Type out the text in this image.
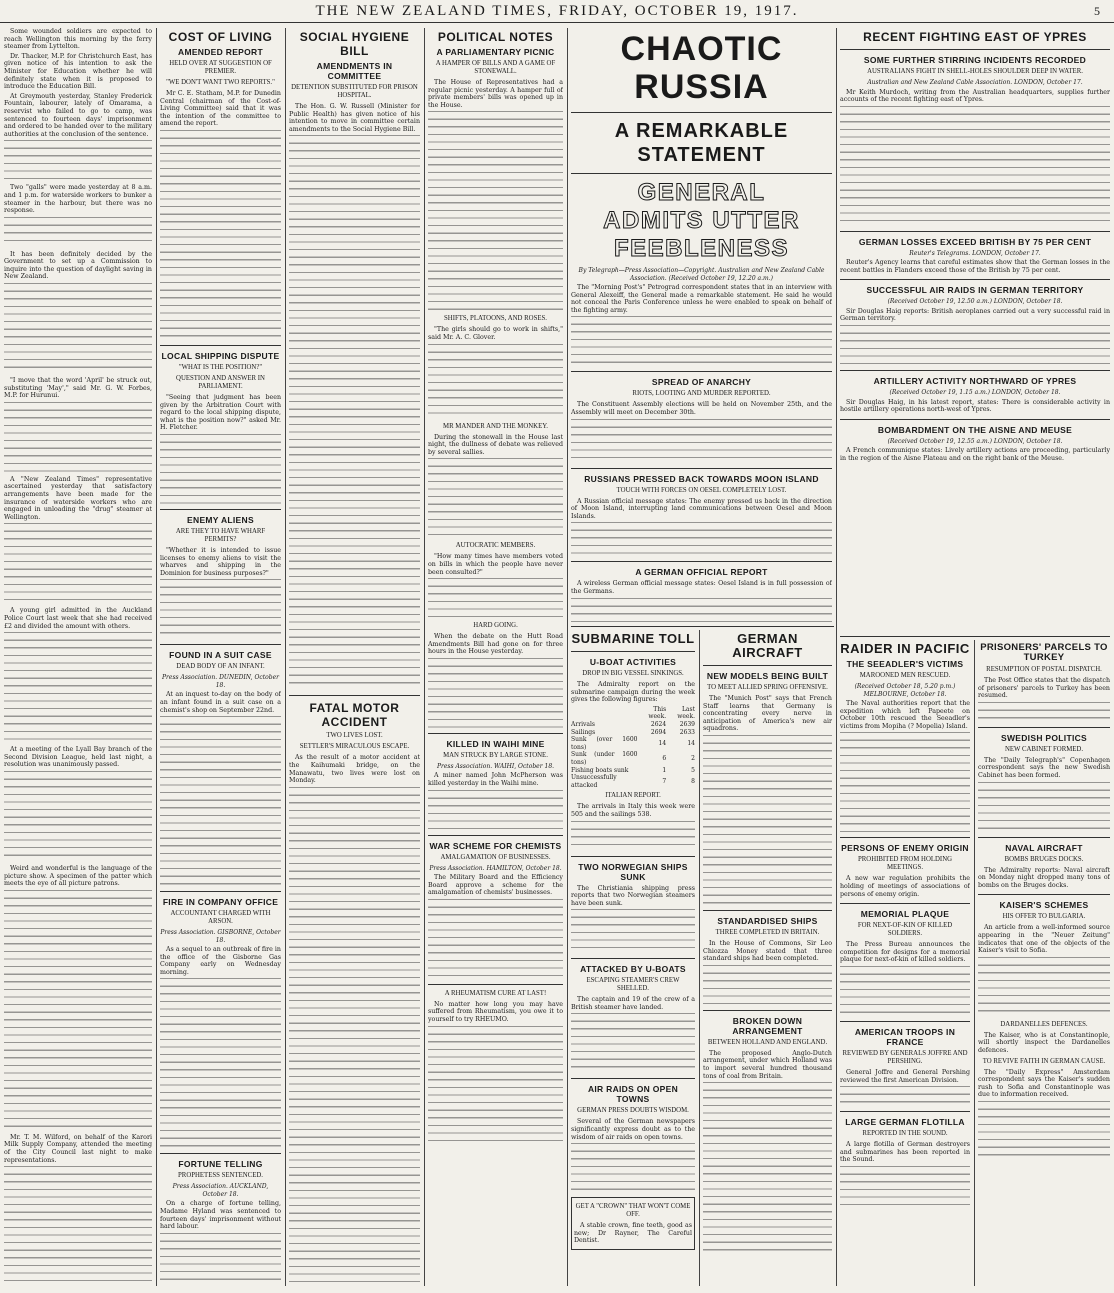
THE NEW ZEALAND TIMES, FRIDAY, OCTOBER 19, 1917.	5

Some wounded soldiers are expected to reach Wellington this morning by the ferry steamer from Lyttelton.

Dr. Thacker, M.P. for Christchurch East, has given notice of his intention to ask the Minister for Education whether he will definitely state when it is proposed to introduce the Education Bill.

At Greymouth yesterday, Stanley Frederick Fountain, labourer, lately of Omarama, a reservist who failed to go to camp, was sentenced to fourteen days' imprisonment and ordered to be handed over to the military authorities at the conclusion of the sentence.

Two "galls" were made yesterday at 8 a.m. and 1 p.m. for waterside workers to bunker a steamer in the harbour, but there was no response.

It has been definitely decided by the Government to set up a Commission to inquire into the question of daylight saving in New Zealand.

"I move that the word 'April' be struck out, substituting 'May'," said Mr. G. W. Forbes, M.P. for Hurunui.

A "New Zealand Times" representative ascertained yesterday that satisfactory arrangements have been made for the insurance of waterside workers who are engaged in unloading the "drug" steamer at Wellington.

A young girl admitted in the Auckland Police Court last week that she had received £2 and divided the amount with others.

At a meeting of the Lyall Bay branch of the Second Division League, held last night, a resolution was unanimously passed.

Weird and wonderful is the language of the picture show. A specimen of the patter which meets the eye of all picture patrons.

Mr. T. M. Wilford, on behalf of the Karori Milk Supply Company, attended the meeting of the City Council last night to make representations.

COST OF LIVING
AMENDED REPORT
HELD OVER AT SUGGESTION OF PREMIER.
"WE DON'T WANT TWO REPORTS."

Mr C. E. Statham, M.P. for Dunedin Central (chairman of the Cost-of-Living Committee) said that it was the intention of the committee to amend the report.

LOCAL SHIPPING DISPUTE
"WHAT IS THE POSITION?"
QUESTION AND ANSWER IN PARLIAMENT.

"Seeing that judgment has been given by the Arbitration Court with regard to the local shipping dispute, what is the position now?" asked Mr. H. Fletcher.

ENEMY ALIENS
ARE THEY TO HAVE WHARF PERMITS?

"Whether it is intended to issue licenses to enemy aliens to visit the wharves and shipping in the Dominion for business purposes?"

FOUND IN A SUIT CASE
DEAD BODY OF AN INFANT.
Press Association. DUNEDIN, October 18.

At an inquest to-day on the body of an infant found in a suit case on a chemist's shop on September 22nd.

FIRE IN COMPANY OFFICE
ACCOUNTANT CHARGED WITH ARSON.
Press Association. GISBORNE, October 18.

As a sequel to an outbreak of fire in the office of the Gisborne Gas Company early on Wednesday morning.

FORTUNE TELLING
PROPHETESS SENTENCED.
Press Association. AUCKLAND, October 18.

On a charge of fortune telling, Madame Hyland was sentenced to fourteen days' imprisonment without hard labour.

SOCIAL HYGIENE BILL
AMENDMENTS IN COMMITTEE
DETENTION SUBSTITUTED FOR PRISON HOSPITAL.

The Hon. G. W. Russell (Minister for Public Health) has given notice of his intention to move in committee certain amendments to the Social Hygiene Bill.

FATAL MOTOR ACCIDENT
TWO LIVES LOST.
SETTLER'S MIRACULOUS ESCAPE.

As the result of a motor accident at the Kaihumaki bridge, on the Manawatu, two lives were lost on Monday.

POLITICAL NOTES
A PARLIAMENTARY PICNIC
A HAMPER OF BILLS AND A GAME OF STONEWALL.

The House of Representatives had a regular picnic yesterday. A hamper full of private members' bills was opened up in the House.

SHIFTS, PLATOONS, AND ROSES.

"The girls should go to work in shifts," said Mr. A. C. Glover.

MR MANDER AND THE MONKEY.

During the stonewall in the House last night, the dullness of debate was relieved by several sallies.

AUTOCRATIC MEMBERS.

"How many times have members voted on bills in which the people have never been consulted?"

HARD GOING.

When the debate on the Hutt Road Amendments Bill had gone on for three hours in the House yesterday.

KILLED IN WAIHI MINE
MAN STRUCK BY LARGE STONE.
Press Association. WAIHI, October 18.

A miner named John McPherson was killed yesterday in the Waihi mine.

WAR SCHEME FOR CHEMISTS
AMALGAMATION OF BUSINESSES.
Press Association. HAMILTON, October 18.

The Military Board and the Efficiency Board approve a scheme for the amalgamation of chemists' businesses.

A RHEUMATISM CURE AT LAST!

No matter how long you may have suffered from Rheumatism, you owe it to yourself to try RHEUMO.

CHAOTIC RUSSIA
A REMARKABLE STATEMENT
GENERAL ADMITS UTTER FEEBLENESS
By Telegraph—Press Association—Copyright. Australian and New Zealand Cable Association. (Received October 19, 12.20 a.m.)

The "Morning Post's" Petrograd correspondent states that in an interview with General Alexeiff, the General made a remarkable statement. He said he would not conceal the Paris Conference unless he were enabled to speak on behalf of the fighting army.

SPREAD OF ANARCHY
RIOTS, LOOTING AND MURDER REPORTED.

The Constituent Assembly elections will be held on November 25th, and the Assembly will meet on December 30th.

RUSSIANS PRESSED BACK TOWARDS MOON ISLAND
TOUCH WITH FORCES ON OESEL COMPLETELY LOST.

A Russian official message states: The enemy pressed us back in the direction of Moon Island, interrupting land communications between Oesel and Moon Islands.

A GERMAN OFFICIAL REPORT

A wireless German official message states: Oesel Island is in full possession of the Germans.

SUBMARINE TOLL
U-BOAT ACTIVITIES
DROP IN BIG VESSEL SINKINGS.

The Admiralty report on the submarine campaign during the week gives the following figures:

	This week.	Last week.
Arrivals	2624	2639
Sailings	2694	2633
Sunk (over 1600 tons)	14	14
Sunk (under 1600 tons)	6	2
Fishing boats sunk	1	5
Unsuccessfully attacked	7	8
ITALIAN REPORT.

The arrivals in Italy this week were 505 and the sailings 538.

TWO NORWEGIAN SHIPS SUNK

The Christiania shipping press reports that two Norwegian steamers have been sunk.

ATTACKED BY U-BOATS
ESCAPING STEAMER'S CREW SHELLED.

The captain and 19 of the crew of a British steamer have landed.

AIR RAIDS ON OPEN TOWNS
GERMAN PRESS DOUBTS WISDOM.

Several of the German newspapers significantly express doubt as to the wisdom of air raids on open towns.

GET A "CROWN" THAT WON'T COME OFF.

A stable crown, fine teeth, good as new; Dr Rayner, The Careful Dentist.

GERMAN AIRCRAFT
NEW MODELS BEING BUILT
TO MEET ALLIED SPRING OFFENSIVE.

The "Munich Post" says that French Staff learns that Germany is concentrating every nerve in anticipation of America's new air squadrons.

STANDARDISED SHIPS
THREE COMPLETED IN BRITAIN.

In the House of Commons, Sir Leo Chiozza Money stated that three standard ships had been completed.

BROKEN DOWN ARRANGEMENT
BETWEEN HOLLAND AND ENGLAND.

The proposed Anglo-Dutch arrangement, under which Holland was to import several hundred thousand tons of coal from Britain.

RECENT FIGHTING EAST OF YPRES
SOME FURTHER STIRRING INCIDENTS RECORDED
AUSTRALIANS FIGHT IN SHELL-HOLES SHOULDER DEEP IN WATER.
Australian and New Zealand Cable Association. LONDON, October 17.

Mr Keith Murdoch, writing from the Australian headquarters, supplies further accounts of the recent fighting east of Ypres.

GERMAN LOSSES EXCEED BRITISH BY 75 PER CENT
Reuter's Telegrams. LONDON, October 17.

Reuter's Agency learns that careful estimates show that the German losses in the recent battles in Flanders exceed those of the British by 75 per cent.

SUCCESSFUL AIR RAIDS IN GERMAN TERRITORY
(Received October 19, 12.50 a.m.) LONDON, October 18.

Sir Douglas Haig reports: British aeroplanes carried out a very successful raid in German territory.

ARTILLERY ACTIVITY NORTHWARD OF YPRES
(Received October 19, 1.15 a.m.) LONDON, October 18.

Sir Douglas Haig, in his latest report, states: There is considerable activity in hostile artillery operations north-west of Ypres.

BOMBARDMENT ON THE AISNE AND MEUSE
(Received October 19, 12.55 a.m.) LONDON, October 18.

A French communique states: Lively artillery actions are proceeding, particularly in the region of the Aisne Plateau and on the right bank of the Meuse.

RAIDER IN PACIFIC
THE SEEADLER'S VICTIMS
MAROONED MEN RESCUED.
(Received October 18, 5.20 p.m.) MELBOURNE, October 18.

The Naval authorities report that the expedition which left Papeete on October 10th rescued the Seeadler's victims from Mopiha (? Mopelia) Island.

PERSONS OF ENEMY ORIGIN
PROHIBITED FROM HOLDING MEETINGS.

A new war regulation prohibits the holding of meetings of associations of persons of enemy origin.

MEMORIAL PLAQUE
FOR NEXT-OF-KIN OF KILLED SOLDIERS.

The Press Bureau announces the competition for designs for a memorial plaque for next-of-kin of killed soldiers.

AMERICAN TROOPS IN FRANCE
REVIEWED BY GENERALS JOFFRE AND PERSHING.

General Joffre and General Pershing reviewed the first American Division.

LARGE GERMAN FLOTILLA
REPORTED IN THE SOUND.

A large flotilla of German destroyers and submarines has been reported in the Sound.

PRISONERS' PARCELS TO TURKEY
RESUMPTION OF POSTAL DISPATCH.

The Post Office states that the dispatch of prisoners' parcels to Turkey has been resumed.

SWEDISH POLITICS
NEW CABINET FORMED.

The "Daily Telegraph's" Copenhagen correspondent says the new Swedish Cabinet has been formed.

NAVAL AIRCRAFT
BOMBS BRUGES DOCKS.

The Admiralty reports: Naval aircraft on Monday night dropped many tons of bombs on the Bruges docks.

KAISER'S SCHEMES
HIS OFFER TO BULGARIA.

An article from a well-informed source appearing in the "Neuer Zeitung" indicates that one of the objects of the Kaiser's visit to Sofia.

DARDANELLES DEFENCES.

The Kaiser, who is at Constantinople, will shortly inspect the Dardanelles defences.

TO REVIVE FAITH IN GERMAN CAUSE.

The "Daily Express" Amsterdam correspondent says the Kaiser's sudden rush to Sofia and Constantinople was due to information received.
